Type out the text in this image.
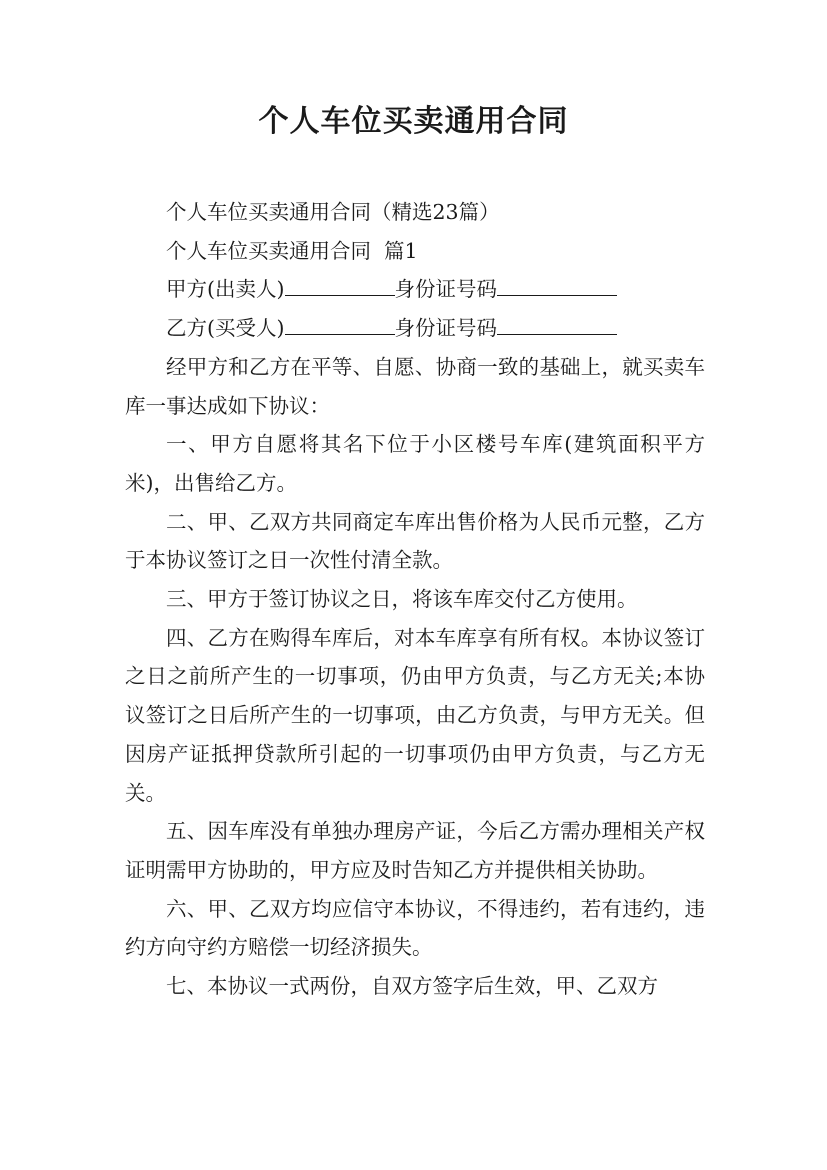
个人车位买卖通用合同

个人车位买卖通用合同（精选23篇）

个人车位买卖通用合同  篇1

甲方(出卖人)	身份证号码

乙方(买受人)	身份证号码

经甲方和乙方在平等、自愿、协商一致的基础上，就买卖车库一事达成如下协议：

一、甲方自愿将其名下位于小区楼号车库(建筑面积平方米)，出售给乙方。

二、甲、乙双方共同商定车库出售价格为人民币元整，乙方于本协议签订之日一次性付清全款。

三、甲方于签订协议之日，将该车库交付乙方使用。

四、乙方在购得车库后，对本车库享有所有权。本协议签订之日之前所产生的一切事项，仍由甲方负责，与乙方无关;本协议签订之日后所产生的一切事项，由乙方负责，与甲方无关。但因房产证抵押贷款所引起的一切事项仍由甲方负责，与乙方无关。

五、因车库没有单独办理房产证，今后乙方需办理相关产权证明需甲方协助的，甲方应及时告知乙方并提供相关协助。

六、甲、乙双方均应信守本协议，不得违约，若有违约，违约方向守约方赔偿一切经济损失。

七、本协议一式两份，自双方签字后生效，甲、乙双方
